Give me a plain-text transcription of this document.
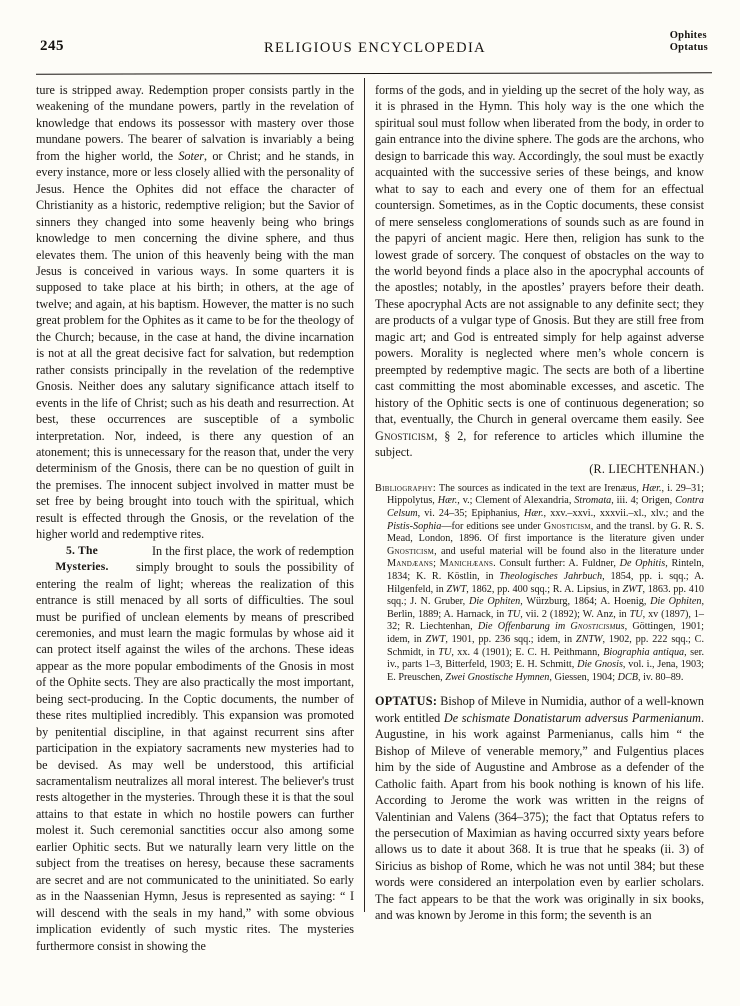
245	RELIGIOUS ENCYCLOPEDIA
Ophites
Optatus

ture is stripped away. Redemption proper consists partly in the weakening of the mundane powers, partly in the revelation of knowledge that endows its possessor with mastery over those mundane powers. The bearer of salvation is invariably a being from the higher world, the Soter, or Christ; and he stands, in every instance, more or less closely allied with the personality of Jesus. Hence the Ophites did not efface the character of Christianity as a historic, redemptive religion; but the Savior of sinners they changed into some heavenly being who brings knowledge to men concerning the divine sphere, and thus elevates them. The union of this heavenly being with the man Jesus is conceived in various ways. In some quarters it is supposed to take place at his birth; in others, at the age of twelve; and again, at his baptism. However, the matter is no such great problem for the Ophites as it came to be for the theology of the Church; because, in the case at hand, the divine incarnation is not at all the great decisive fact for salvation, but redemption rather consists principally in the revelation of the redemptive Gnosis. Neither does any salutary significance attach itself to events in the life of Christ; such as his death and resurrection. At best, these occurrences are susceptible of a symbolic interpretation. Nor, indeed, is there any question of an atonement; this is unnecessary for the reason that, under the very determinism of the Gnosis, there can be no question of guilt in the premises. The innocent subject involved in matter must be set free by being brought into touch with the spiritual, which result is effected through the Gnosis, or the revelation of the higher world and redemptive rites.

5. The
Mysteries.

In the first place, the work of redemption simply brought to souls the possibility of entering the realm of light; whereas the realization of this entrance is still menaced by all sorts of difficulties. The soul must be purified of unclean elements by means of prescribed ceremonies, and must learn the magic formulas by whose aid it can protect itself against the wiles of the archons. These ideas appear as the more popular embodiments of the Gnosis in most of the Ophite sects. They are also practically the most important, being sect-producing. In the Coptic documents, the number of these rites multiplied incredibly. This expansion was promoted by penitential discipline, in that against recurrent sins after participation in the expiatory sacraments new mysteries had to be devised. As may well be understood, this artificial sacramentalism neutralizes all moral interest. The believer's trust rests altogether in the mysteries. Through these it is that the soul attains to that estate in which no hostile powers can further molest it. Such ceremonial sanctities occur also among some earlier Ophitic sects. But we naturally learn very little on the subject from the treatises on heresy, because these sacraments are secret and are not communicated to the uninitiated. So early as in the Naassenian Hymn, Jesus is represented as saying: “ I will descend with the seals in my hand,” with some obvious implication evidently of such mystic rites. The mysteries furthermore consist in showing the

forms of the gods, and in yielding up the secret of the holy way, as it is phrased in the Hymn. This holy way is the one which the spiritual soul must follow when liberated from the body, in order to gain entrance into the divine sphere. The gods are the archons, who design to barricade this way. Accordingly, the soul must be exactly acquainted with the successive series of these beings, and know what to say to each and every one of them for an effectual countersign. Sometimes, as in the Coptic documents, these consist of mere senseless conglomerations of sounds such as are found in the papyri of ancient magic. Here then, religion has sunk to the lowest grade of sorcery. The conquest of obstacles on the way to the world beyond finds a place also in the apocryphal accounts of the apostles; notably, in the apostles’ prayers before their death. These apocryphal Acts are not assignable to any definite sect; they are products of a vulgar type of Gnosis. But they are still free from magic art; and God is entreated simply for help against adverse powers. Morality is neglected where men’s whole concern is preempted by redemptive magic. The sects are both of a libertine cast committing the most abominable excesses, and ascetic. The history of the Ophitic sects is one of continuous degeneration; so that, eventually, the Church in general overcame them easily. See Gnosticism, § 2, for reference to articles which illumine the subject.

(R. LIECHTENHAN.)

Bibliography: The sources as indicated in the text are Irenæus, Hær., i. 29–31; Hippolytus, Hær., v.; Clement of Alexandria, Stromata, iii. 4; Origen, Contra Celsum, vi. 24–35; Epiphanius, Hær., xxv.–xxvi., xxxvii.–xl., xlv.; and the Pistis-Sophia—for editions see under Gnosticism, and the transl. by G. R. S. Mead, London, 1896. Of first importance is the literature given under Gnosticism, and useful material will be found also in the literature under Mandæans; Manichæans. Consult further: A. Fuldner, De Ophitis, Rinteln, 1834; K. R. Köstlin, in Theologisches Jahrbuch, 1854, pp. i. sqq.; A. Hilgenfeld, in ZWT, 1862, pp. 400 sqq.; R. A. Lipsius, in ZWT, 1863. pp. 410 sqq.; J. N. Gruber, Die Ophiten, Würzburg, 1864; A. Hoenig, Die Ophiten, Berlin, 1889; A. Harnack, in TU, vii. 2 (1892); W. Anz, in TU, xv (1897), 1–32; R. Liechtenhan, Die Offenbarung im Gnosticismus, Göttingen, 1901; idem, in ZWT, 1901, pp. 236 sqq.; idem, in ZNTW, 1902, pp. 222 sqq.; C. Schmidt, in TU, xx. 4 (1901); E. C. H. Peithmann, Biographia antiqua, ser. iv., parts 1–3, Bitterfeld, 1903; E. H. Schmitt, Die Gnosis, vol. i., Jena, 1903; E. Preuschen, Zwei Gnostische Hymnen, Giessen, 1904; DCB, iv. 80–89.

OPTATUS: Bishop of Mileve in Numidia, author of a well-known work entitled De schismate Donatistarum adversus Parmenianum. Augustine, in his work against Parmenianus, calls him “ the Bishop of Mileve of venerable memory,” and Fulgentius places him by the side of Augustine and Ambrose as a defender of the Catholic faith. Apart from his book nothing is known of his life. According to Jerome the work was written in the reigns of Valentinian and Valens (364–375); the fact that Optatus refers to the persecution of Maximian as having occurred sixty years before allows us to date it about 368. It is true that he speaks (ii. 3) of Siricius as bishop of Rome, which he was not until 384; but these words were considered an interpolation even by earlier scholars. The fact appears to be that the work was originally in six books, and was known by Jerome in this form; the seventh is an
